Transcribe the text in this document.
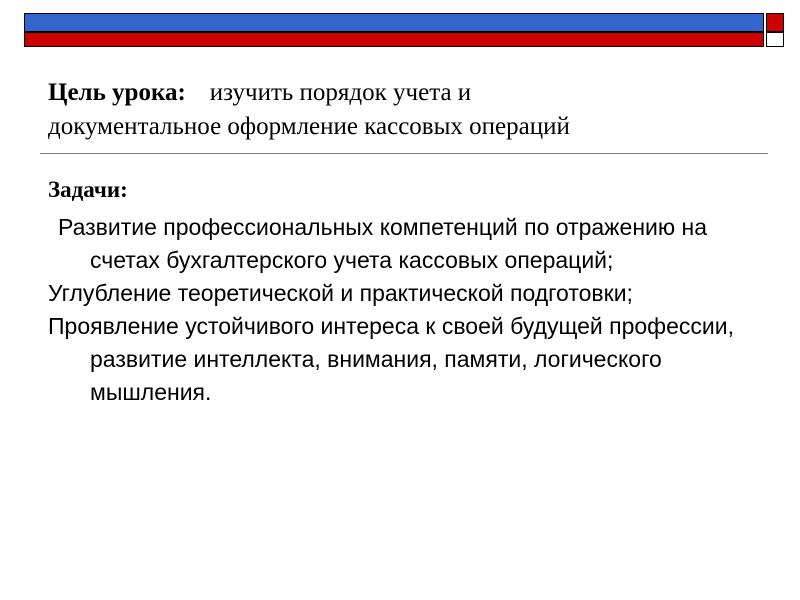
Цель урока: изучить порядок учета и
документальное оформление кассовых операций
Задачи:
Развитие профессиональных компетенций по отражению на счетах бухгалтерского учета кассовых операций;
Углубление теоретической и практической подготовки;
Проявление устойчивого интереса к своей будущей профессии, развитие интеллекта, внимания, памяти, логического мышления.
